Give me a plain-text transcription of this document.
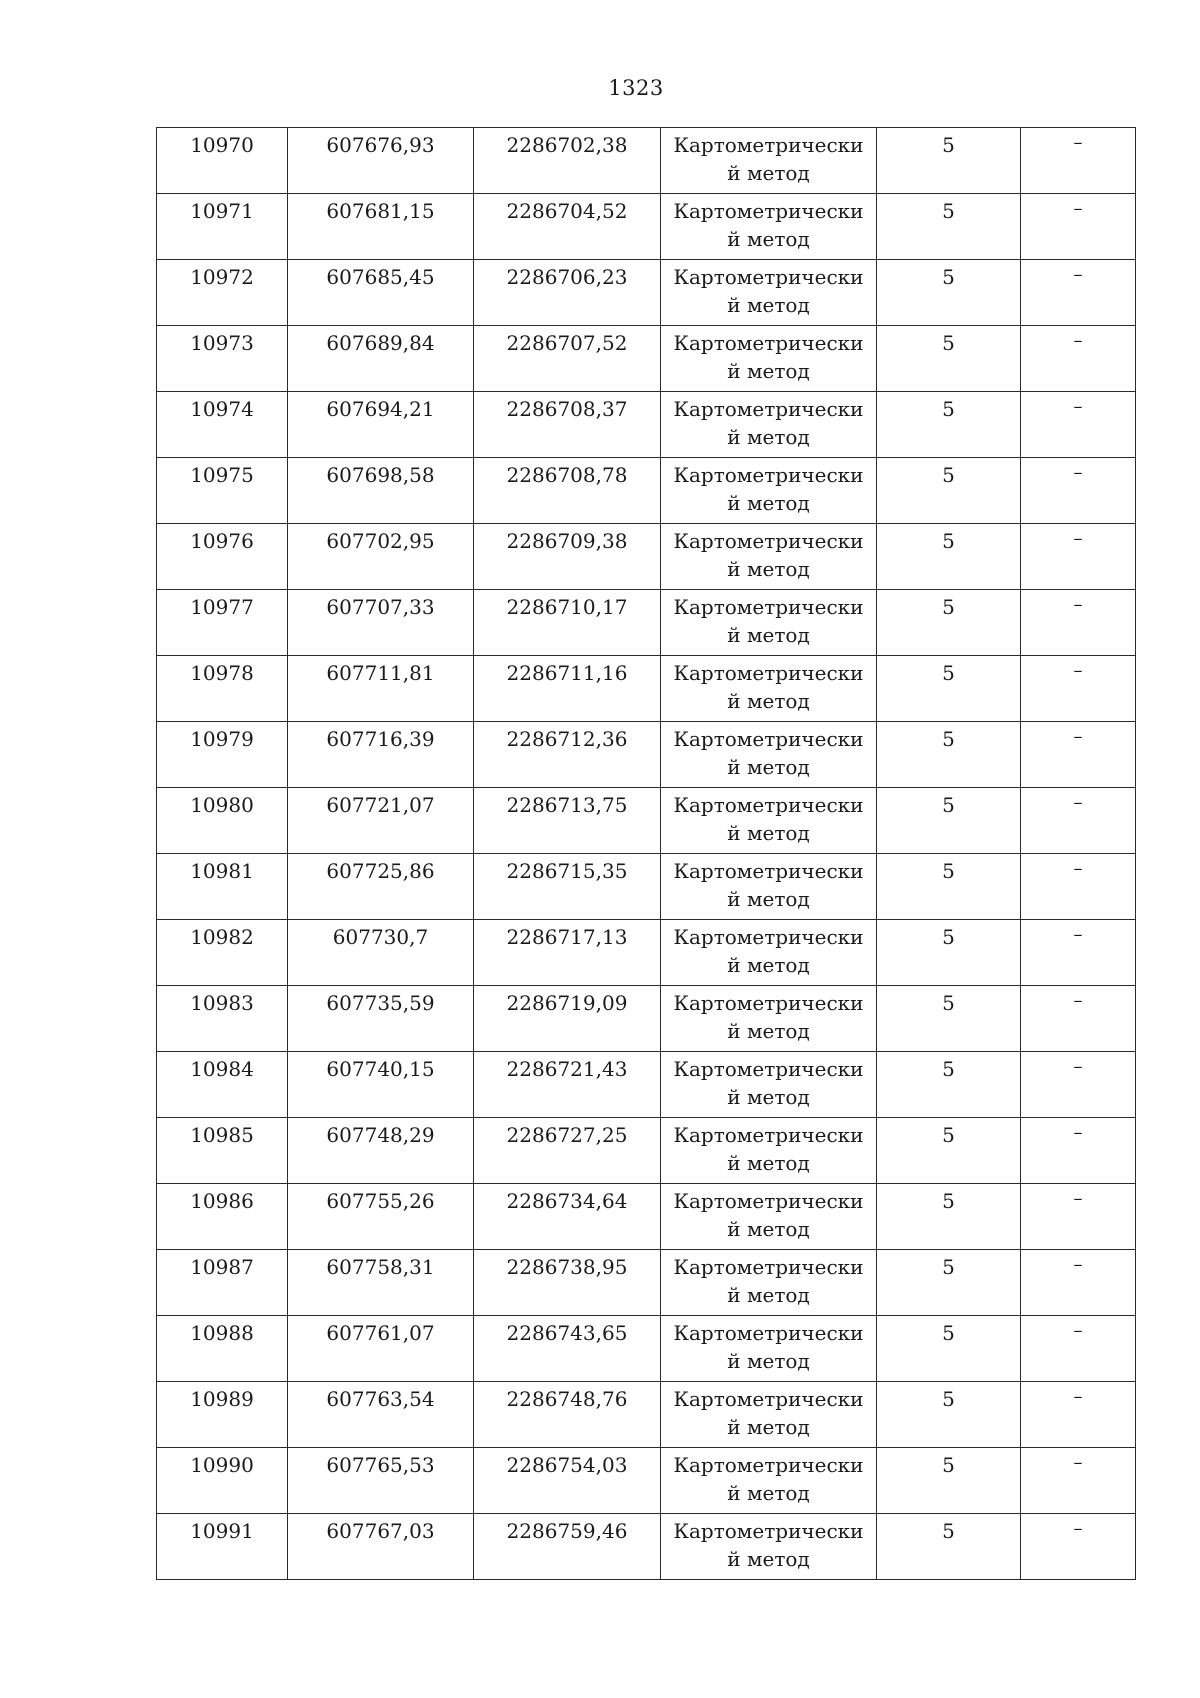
1323
10970	607676,93	2286702,38	Картометрически
й метод	5	–
10971	607681,15	2286704,52	Картометрически
й метод	5	–
10972	607685,45	2286706,23	Картометрически
й метод	5	–
10973	607689,84	2286707,52	Картометрически
й метод	5	–
10974	607694,21	2286708,37	Картометрически
й метод	5	–
10975	607698,58	2286708,78	Картометрически
й метод	5	–
10976	607702,95	2286709,38	Картометрически
й метод	5	–
10977	607707,33	2286710,17	Картометрически
й метод	5	–
10978	607711,81	2286711,16	Картометрически
й метод	5	–
10979	607716,39	2286712,36	Картометрически
й метод	5	–
10980	607721,07	2286713,75	Картометрически
й метод	5	–
10981	607725,86	2286715,35	Картометрически
й метод	5	–
10982	607730,7	2286717,13	Картометрически
й метод	5	–
10983	607735,59	2286719,09	Картометрически
й метод	5	–
10984	607740,15	2286721,43	Картометрически
й метод	5	–
10985	607748,29	2286727,25	Картометрически
й метод	5	–
10986	607755,26	2286734,64	Картометрически
й метод	5	–
10987	607758,31	2286738,95	Картометрически
й метод	5	–
10988	607761,07	2286743,65	Картометрически
й метод	5	–
10989	607763,54	2286748,76	Картометрически
й метод	5	–
10990	607765,53	2286754,03	Картометрически
й метод	5	–
10991	607767,03	2286759,46	Картометрически
й метод	5	–
